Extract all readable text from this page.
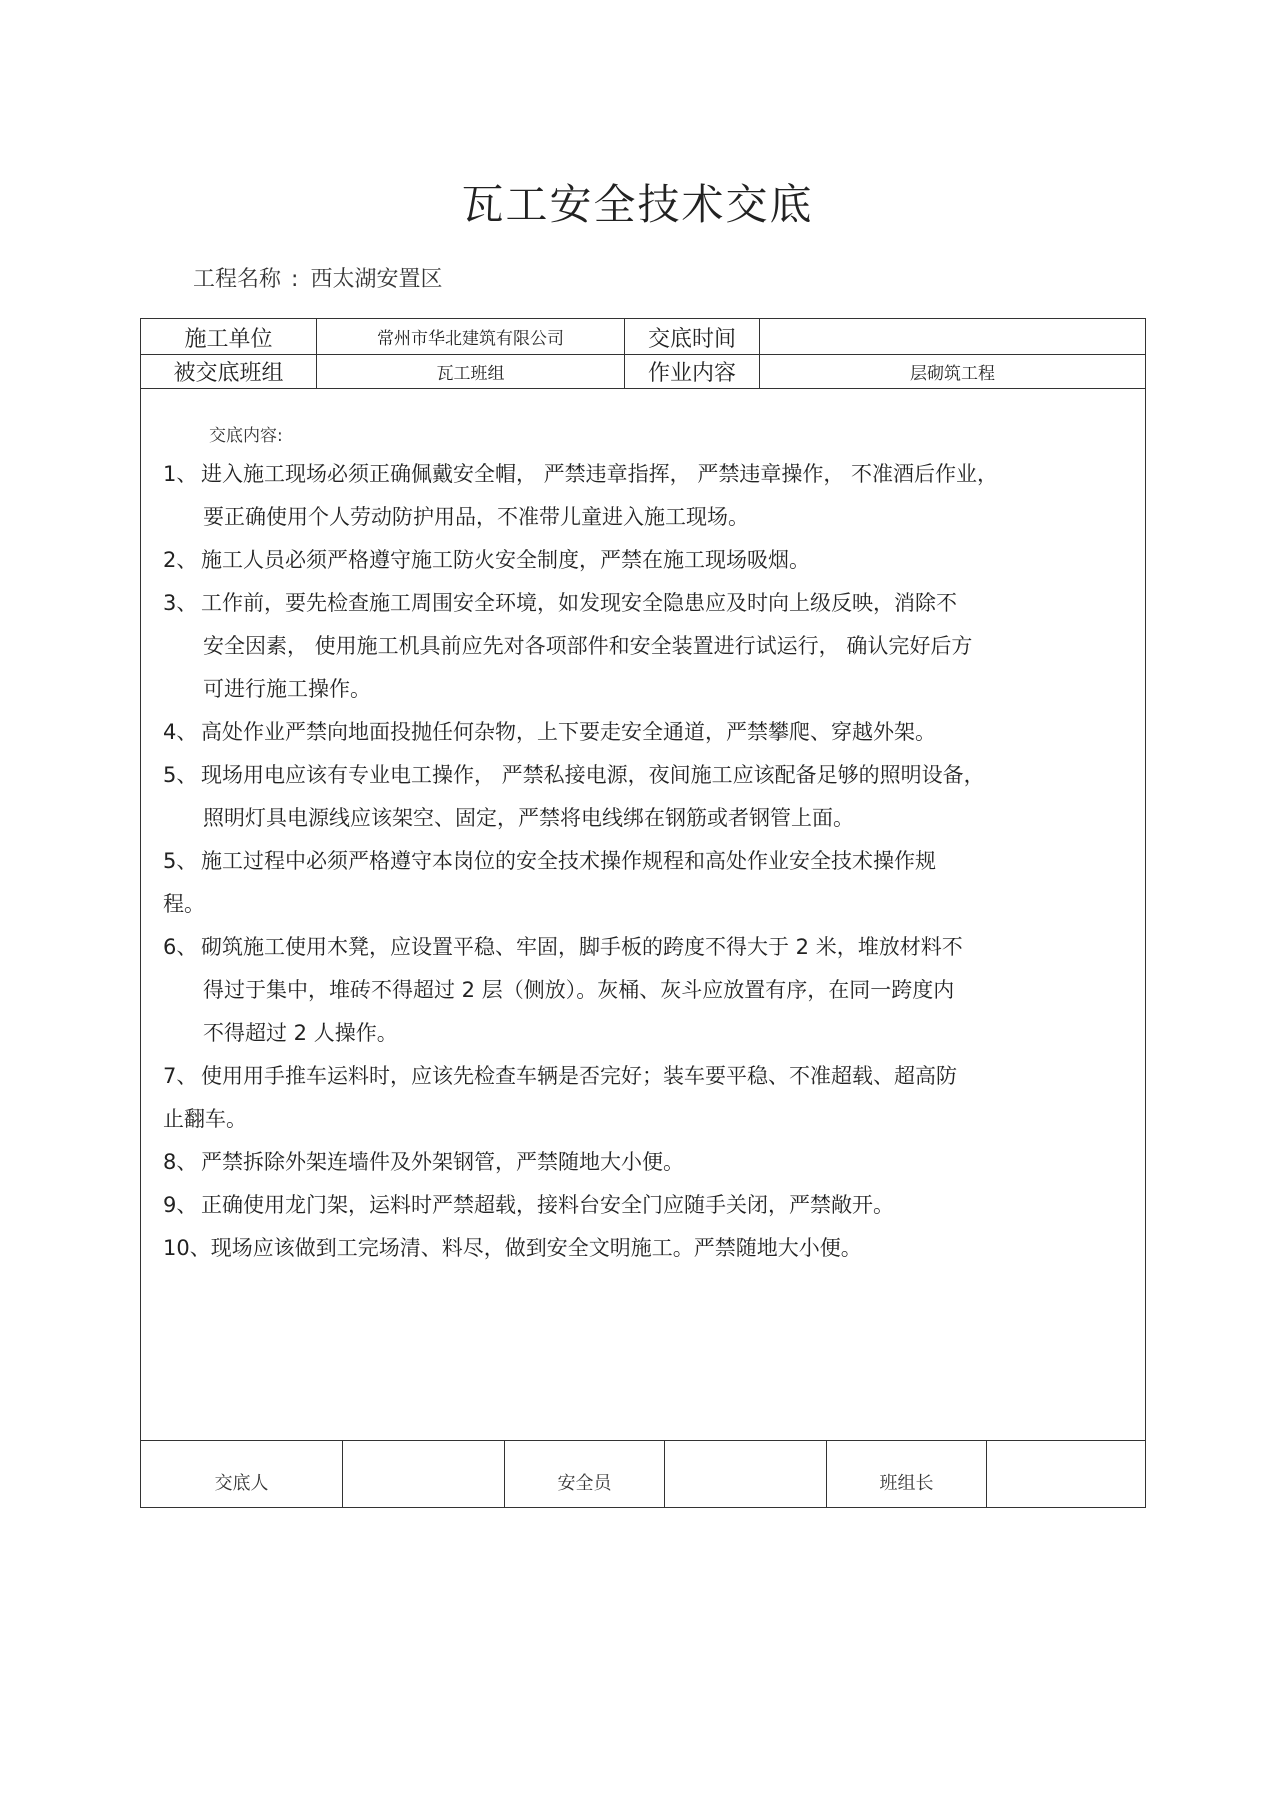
瓦工安全技术交底
工程名称 : 西太湖安置区
施工单位	常州市华北建筑有限公司	交底时间
被交底班组	瓦工班组	作业内容	层砌筑工程
交底内容:
1、 进入施工现场必须正确佩戴安全帽， 严禁违章指挥， 严禁违章操作， 不准酒后作业，
要正确使用个人劳动防护用品，不准带儿童进入施工现场。
2、 施工人员必须严格遵守施工防火安全制度，严禁在施工现场吸烟。
3、 工作前，要先检查施工周围安全环境，如发现安全隐患应及时向上级反映，消除不
安全因素， 使用施工机具前应先对各项部件和安全装置进行试运行， 确认完好后方
可进行施工操作。
4、 高处作业严禁向地面投抛任何杂物，上下要走安全通道，严禁攀爬、穿越外架。
5、 现场用电应该有专业电工操作， 严禁私接电源，夜间施工应该配备足够的照明设备，
照明灯具电源线应该架空、固定，严禁将电线绑在钢筋或者钢管上面。
5、 施工过程中必须严格遵守本岗位的安全技术操作规程和高处作业安全技术操作规
程。
6、 砌筑施工使用木凳，应设置平稳、牢固，脚手板的跨度不得大于 2 米，堆放材料不
得过于集中，堆砖不得超过 2 层（侧放）。灰桶、灰斗应放置有序，在同一跨度内
不得超过 2 人操作。
7、 使用用手推车运料时，应该先检查车辆是否完好；装车要平稳、不准超载、超高防
止翻车。
8、 严禁拆除外架连墙件及外架钢管，严禁随地大小便。
9、 正确使用龙门架，运料时严禁超载，接料台安全门应随手关闭，严禁敞开。
10、现场应该做到工完场清、料尽，做到安全文明施工。严禁随地大小便。
交底人	安全员	班组长
